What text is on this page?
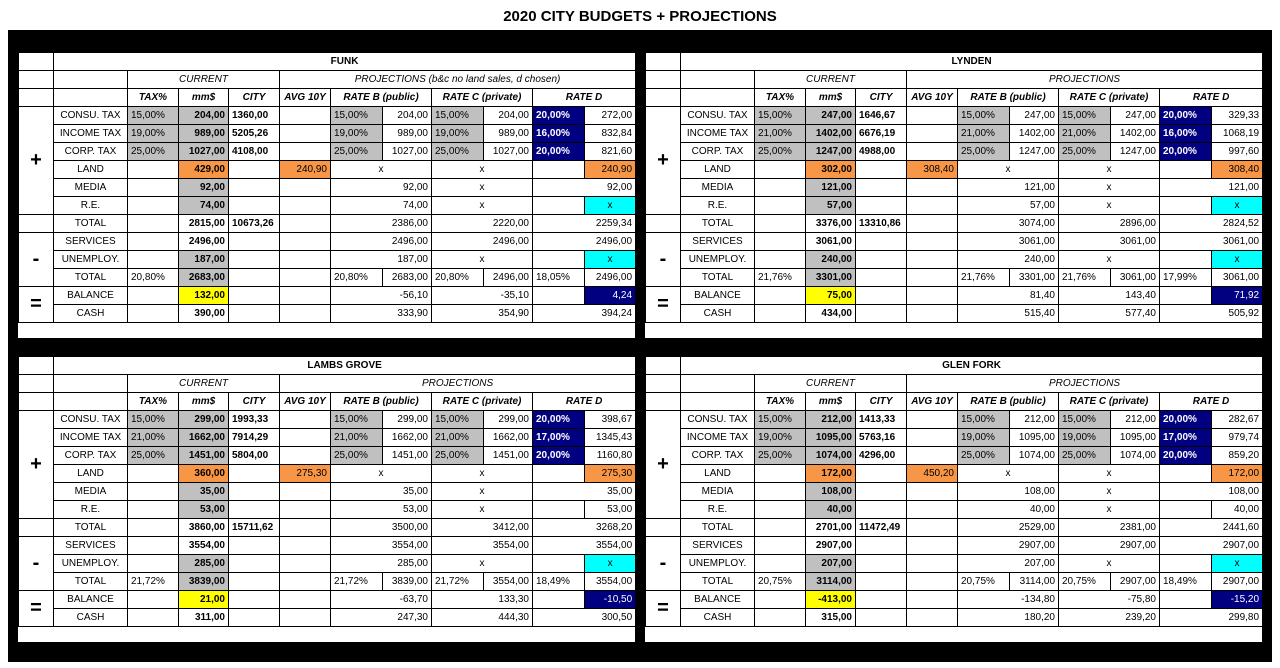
2020 CITY BUDGETS + PROJECTIONS
	FUNK										
		CURRENT			PROJECTIONS (b&c no land sales, d chosen)						
		TAX%	mm$	CITY	AVG 10Y	RATE B (public)		RATE C (private)		RATE D	
+	CONSU. TAX	15,00%	204,00	1360,00		15,00%	204,00	15,00%	204,00	20,00%	272,00
	INCOME TAX	19,00%	989,00	5205,26		19,00%	989,00	19,00%	989,00	16,00%	832,84
	CORP. TAX	25,00%	1027,00	4108,00		25,00%	1027,00	25,00%	1027,00	20,00%	821,60
	LAND		429,00		240,90	x		x			240,90
	MEDIA		92,00			92,00		x		92,00	
	R.E.		74,00			74,00		x			x
	TOTAL		2815,00	10673,26		2386,00		2220,00		2259,34	
-	SERVICES		2496,00			2496,00		2496,00		2496,00	
	UNEMPLOY.		187,00			187,00		x			x
	TOTAL	20,80%	2683,00			20,80%	2683,00	20,80%	2496,00	18,05%	2496,00
=	BALANCE		132,00			-56,10		-35,10			4,24
	CASH		390,00			333,90		354,90		394,24	
	LYNDEN										
		CURRENT			PROJECTIONS						
		TAX%	mm$	CITY	AVG 10Y	RATE B (public)		RATE C (private)		RATE D	
+	CONSU. TAX	15,00%	247,00	1646,67		15,00%	247,00	15,00%	247,00	20,00%	329,33
	INCOME TAX	21,00%	1402,00	6676,19		21,00%	1402,00	21,00%	1402,00	16,00%	1068,19
	CORP. TAX	25,00%	1247,00	4988,00		25,00%	1247,00	25,00%	1247,00	20,00%	997,60
	LAND		302,00		308,40	x		x			308,40
	MEDIA		121,00			121,00		x		121,00	
	R.E.		57,00			57,00		x			x
	TOTAL		3376,00	13310,86		3074,00		2896,00		2824,52	
-	SERVICES		3061,00			3061,00		3061,00		3061,00	
	UNEMPLOY.		240,00			240,00		x			x
	TOTAL	21,76%	3301,00			21,76%	3301,00	21,76%	3061,00	17,99%	3061,00
=	BALANCE		75,00			81,40		143,40			71,92
	CASH		434,00			515,40		577,40		505,92	
	LAMBS GROVE										
		CURRENT			PROJECTIONS						
		TAX%	mm$	CITY	AVG 10Y	RATE B (public)		RATE C (private)		RATE D	
+	CONSU. TAX	15,00%	299,00	1993,33		15,00%	299,00	15,00%	299,00	20,00%	398,67
	INCOME TAX	21,00%	1662,00	7914,29		21,00%	1662,00	21,00%	1662,00	17,00%	1345,43
	CORP. TAX	25,00%	1451,00	5804,00		25,00%	1451,00	25,00%	1451,00	20,00%	1160,80
	LAND		360,00		275,30	x		x			275,30
	MEDIA		35,00			35,00		x		35,00	
	R.E.		53,00			53,00		x			53,00
	TOTAL		3860,00	15711,62		3500,00		3412,00		3268,20	
-	SERVICES		3554,00			3554,00		3554,00		3554,00	
	UNEMPLOY.		285,00			285,00		x			x
	TOTAL	21,72%	3839,00			21,72%	3839,00	21,72%	3554,00	18,49%	3554,00
=	BALANCE		21,00			-63,70		133,30			-10,50
	CASH		311,00			247,30		444,30		300,50	
	GLEN FORK										
		CURRENT			PROJECTIONS						
		TAX%	mm$	CITY	AVG 10Y	RATE B (public)		RATE C (private)		RATE D	
+	CONSU. TAX	15,00%	212,00	1413,33		15,00%	212,00	15,00%	212,00	20,00%	282,67
	INCOME TAX	19,00%	1095,00	5763,16		19,00%	1095,00	19,00%	1095,00	17,00%	979,74
	CORP. TAX	25,00%	1074,00	4296,00		25,00%	1074,00	25,00%	1074,00	20,00%	859,20
	LAND		172,00		450,20	x		x			172,00
	MEDIA		108,00			108,00		x		108,00	
	R.E.		40,00			40,00		x			40,00
	TOTAL		2701,00	11472,49		2529,00		2381,00		2441,60	
-	SERVICES		2907,00			2907,00		2907,00		2907,00	
	UNEMPLOY.		207,00			207,00		x			x
	TOTAL	20,75%	3114,00			20,75%	3114,00	20,75%	2907,00	18,49%	2907,00
=	BALANCE		-413,00			-134,80		-75,80			-15,20
	CASH		315,00			180,20		239,20		299,80	
